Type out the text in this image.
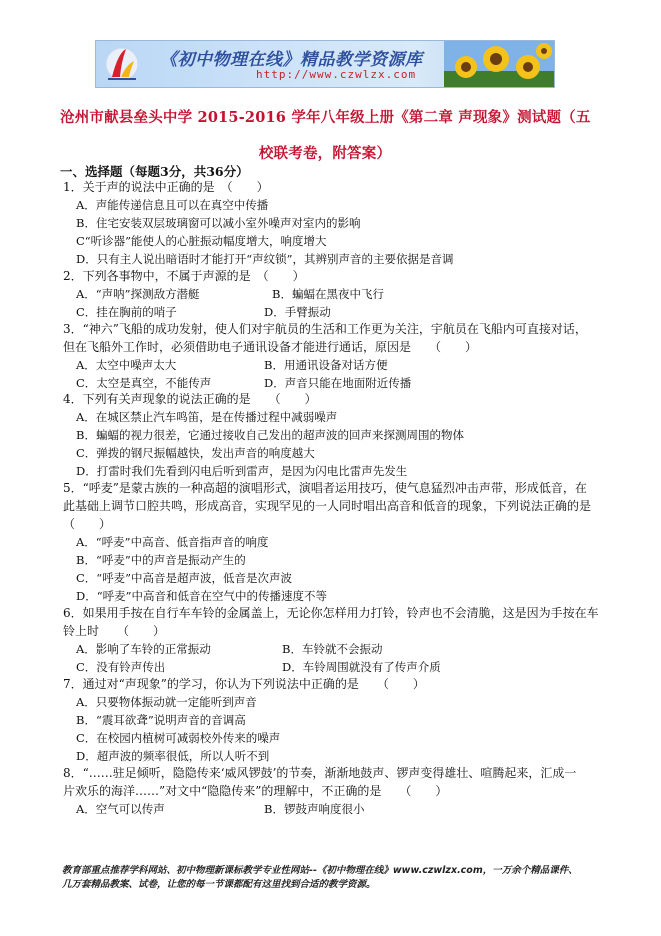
《初中物理在线》精品教学资源库
http://www.czwlzx.com
沧州市献县垒头中学 2015-2016 学年八年级上册《第二章 声现象》测试题（五
校联考卷，附答案）
一、选择题（每题3分，共36分）
1．关于声的说法中正确的是　（　　）
A．声能传递信息且可以在真空中传播
B．住宅安装双层玻璃窗可以减小室外噪声对室内的影响
C“听诊器”能使人的心脏振动幅度增大，响度增大
D．只有主人说出暗语时才能打开“声纹锁”，其辨别声音的主要依据是音调
2．下列各事物中，不属于声源的是　（　　）
A．“声呐”探测敌方潜艇	B．蝙蝠在黑夜中飞行
C．挂在胸前的哨子	D．手臂振动
3．“神六”飞船的成功发射，使人们对宇航员的生活和工作更为关注，宇航员在飞船内可直接对话，
但在飞船外工作时，必须借助电子通讯设备才能进行通话，原因是　　（　　）
A．太空中噪声太大	B．用通讯设备对话方便
C．太空是真空，不能传声	D．声音只能在地面附近传播
4．下列有关声现象的说法正确的是　　（　　）
A．在城区禁止汽车鸣笛，是在传播过程中减弱噪声
B．蝙蝠的视力很差，它通过接收自己发出的超声波的回声来探测周围的物体
C．弹拨的钢尺振幅越快，发出声音的响度越大
D．打雷时我们先看到闪电后听到雷声，是因为闪电比雷声先发生
5．“呼麦”是蒙古族的一种高超的演唱形式，演唱者运用技巧，使气息猛烈冲击声带，形成低音，在
此基础上调节口腔共鸣，形成高音，实现罕见的一人同时唱出高音和低音的现象，下列说法正确的是
（　　）
A．“呼麦”中高音、低音指声音的响度
B．“呼麦”中的声音是振动产生的
C．“呼麦”中高音是超声波，低音是次声波
D．“呼麦”中高音和低音在空气中的传播速度不等
6．如果用手按在自行车车铃的金属盖上，无论你怎样用力打铃，铃声也不会清脆，这是因为手按在车
铃上时　　（　　）
A．影响了车铃的正常振动	B．车铃就不会振动
C．没有铃声传出	D．车铃周围就没有了传声介质
7．通过对“声现象”的学习，你认为下列说法中正确的是　　（　　）
A．只要物体振动就一定能听到声音
B．“震耳欲聋”说明声音的音调高
C．在校园内植树可减弱校外传来的噪声
D．超声波的频率很低，所以人听不到
8．“……驻足倾听，隐隐传来‘威风锣鼓’的节奏，渐渐地鼓声、锣声变得雄壮、喧腾起来，汇成一
片欢乐的海洋……”对文中“隐隐传来”的理解中，不正确的是　　（　　）
A．空气可以传声	B．锣鼓声响度很小
教育部重点推荐学科网站、初中物理新课标教学专业性网站--《初中物理在线》www.czwlzx.com，一万余个精品课件、
几万套精品教案、试卷，让您的每一节课都配有这里找到合适的教学资源。
